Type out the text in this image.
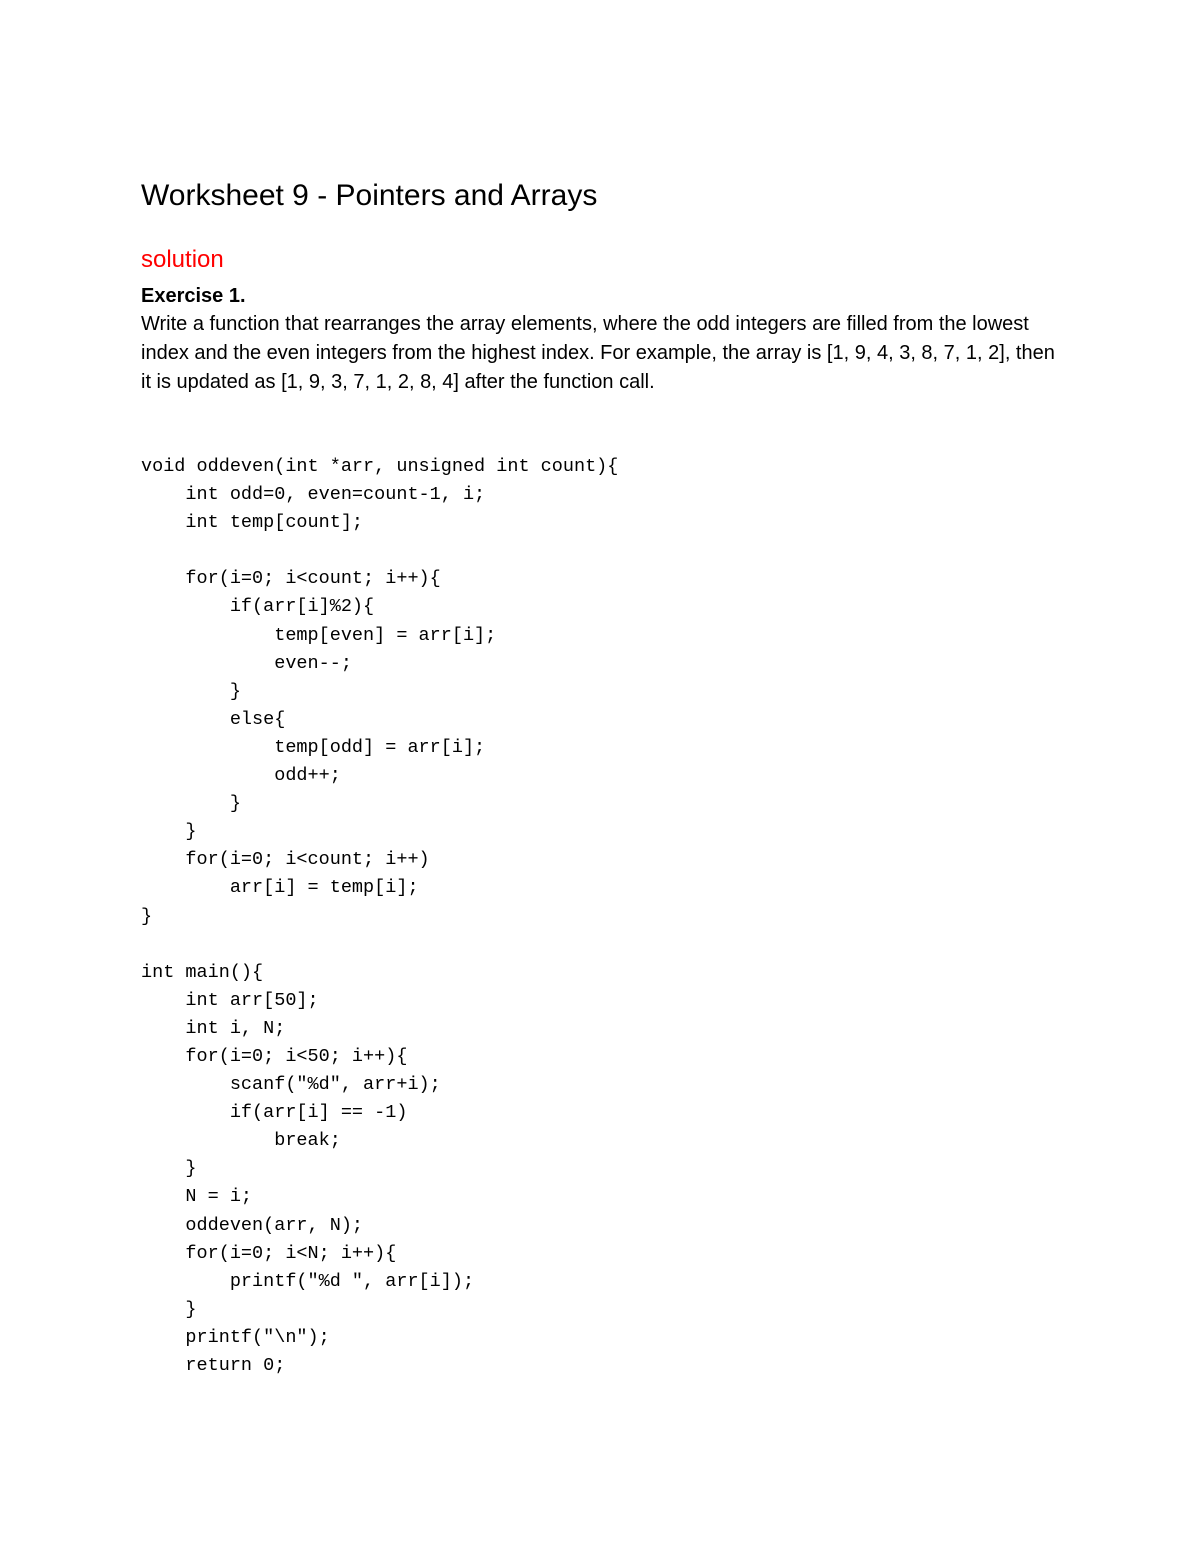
Worksheet 9 - Pointers and Arrays
solution
Exercise 1.

Write a function that rearranges the array elements, where the odd integers are filled from the lowest index and the even integers from the highest index. For example, the array is [1, 9, 4, 3, 8, 7, 1, 2], then it is updated as [1, 9, 3, 7, 1, 2, 8, 4] after the function call.

void oddeven(int *arr, unsigned int count){
int odd=0, even=count-1, i;
int temp[count];
for(i=0; i<count; i++){
if(arr[i]%2){
temp[even] = arr[i];
even--;
}
else{
temp[odd] = arr[i];
odd++;
}
}
for(i=0; i<count; i++)
arr[i] = temp[i];
}
int main(){
int arr[50];
int i, N;
for(i=0; i<50; i++){
scanf("%d", arr+i);
if(arr[i] == -1)
break;
}
N = i;
oddeven(arr, N);
for(i=0; i<N; i++){
printf("%d ", arr[i]);
}
printf("\n");
return 0;
